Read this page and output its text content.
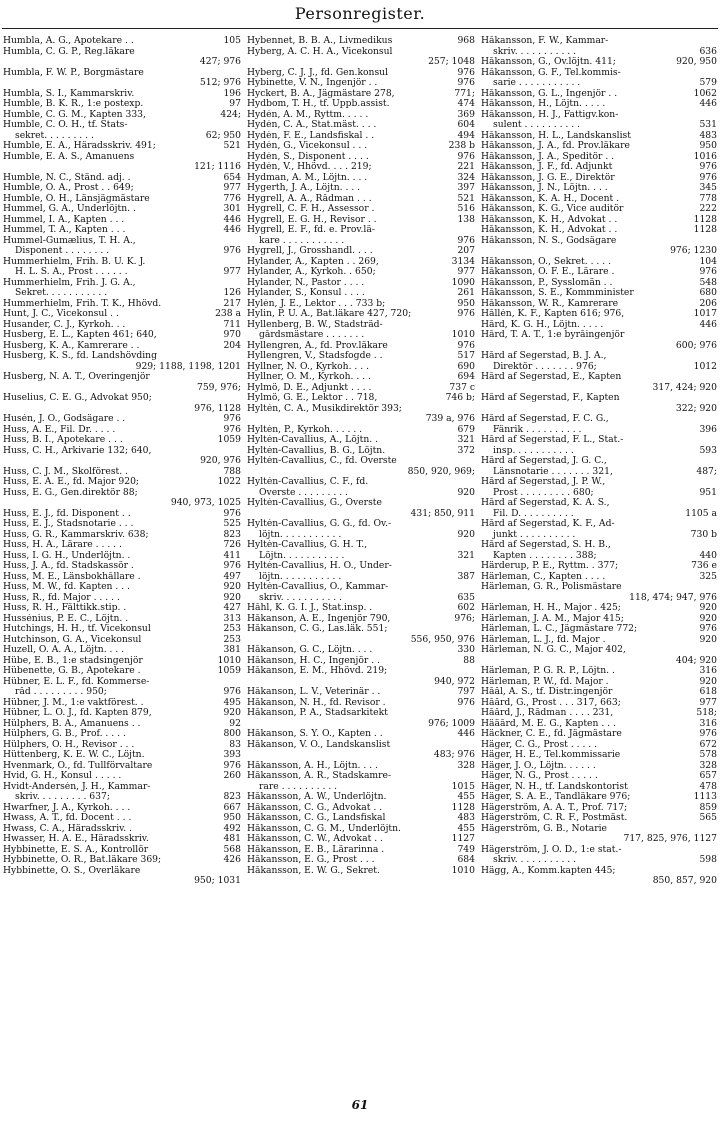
Personregister.
Humbla, A. G., Apotekare . .	105
Humbla, C. G. P., Reg.läkare
427; 976
Humbla, F. W. P., Borgmästare
512; 976
Humbla, S. I., Kammarskriv.	196
Humble, B. K. R., 1:e postexp.	97
Humble, C. G. M., Kapten 333,	424;
Humble, C. O. H., tf. Stats-
sekret. . . . . . . . .	62; 950
Humble, E. A., Häradsskriv. 491;	521
Humble, E. A. S., Amanuens
121; 1116
Humble, N. C., Ständ. adj. .	654
Humble, O. A., Prost . . 649;	977
Humble, O. H., Länsjägmästare	776
Hummel, G. A., Underlöjtn. .	301
Hummel, I. A., Kapten . . .	446
Hummel, T. A., Kapten . . .	446
Hummel-Gumælius, T. H. A.,
Disponent . . . . . . . .	976
Hummerhielm, Frih. B. U. K. J.
H. L. S. A., Prost . . . . . .	977
Hummerhielm, Frih. J. G. A.,
Sekret. . . . . . . . . . .	126
Hummerhielm, Frih. T. K., Hhövd.	217
Hunt, J. C., Vicekonsul . .	238 a
Husander, C. J., Kyrkoh. . .	711
Husberg, E. L., Kapten 461; 640,	970
Husberg, K. A., Kamrerare . .	204
Husberg, K. S., fd. Landshövding
929; 1188, 1198, 1201
Husberg, N. A. T., Överingenjör
759, 976;
Huselius, C. E. G., Advokat 950;
976, 1128
Husén, J. O., Godsägare . .	976
Huss, A. E., Fil. Dr. . . . .	976
Huss, B. I., Apotekare . . .	1059
Huss, C. H., Arkivarie 132; 640,
920, 976
Huss, C. J. M., Skolförest. .	788
Huss, E. A. E., fd. Major 920;	1022
Huss, E. G., Gen.direktör 88;
940, 973, 1025
Huss, E. J., fd. Disponent . .	976
Huss, E. J., Stadsnotarie . . .	525
Huss, G. R., Kammarskriv. 638;	823
Huss, H. A., Lärare . . . . .	726
Huss, I. G. H., Underlöjtn. .	411
Huss, J. A., fd. Stadskassör .	976
Huss, M. E., Länsbokhållare .	497
Huss, M. W., fd. Kapten . . .	920
Huss, R., fd. Major . . . . .	920
Huss, R. H., Fälttikk.stip. .	427
Hussénius, P. E. C., Löjtn. .	313
Hutchings, H. H., tf. Vicekonsul	253
Hutchinson, G. A., Vicekonsul	253
Huzell, O. A. A., Löjtn. . . .	381
Hübe, E. B., 1:e stadsingenjör	1010
Hübenette, G. B., Apotekare .	1059
Hübner, E. L. F., fd. Kommerse-
råd . . . . . . . . . 950;	976
Hübner, J. M., 1:e vaktförest. .	495
Hübner, L. O. J., fd. Kapten 879,	920
Hülphers, B. A., Amanuens . .	92
Hülphers, G. B., Prof. . . . .	800
Hülphers, O. H., Revisor . . .	83
Hüttenberg, K. E. W. C., Löjtn.	393
Hvenmark, O., fd. Tullförvaltare	976
Hvid, G. H., Konsul . . . . .	260
Hvidt-Andersén, J. H., Kammar-
skriv. . . . . . . . . 637;	823
Hwarfner, J. A., Kyrkoh. . . .	667
Hwass, A. T., fd. Docent . . .	950
Hwass, C. A., Häradsskriv. .	492
Hwasser, H. A. E., Häradsskriv.	481
Hybbinette, E. S. A., Kontrollör	568
Hybbinette, O. R., Bat.läkare 369;	426
Hybbinette, O. S., Överläkare
950; 1031
Hybennet, B. B. A., Livmedikus	968
Hyberg, A. C. H. A., Vicekonsul
257; 1048
Hyberg, C. J. J., fd. Gen.konsul	976
Hybinette, V. N., Ingenjör . .	976
Hyckert, B. A., Jägmästare 278,	771;
Hydbom, T. H., tf. Uppb.assist.	474
Hydén, A. M., Ryttm. . . . .	369
Hydén, C. A., Stat.mäst. . . .	604
Hydén, F. E., Landsfiskal . .	494
Hydén, G., Vicekonsul . . .	238 b
Hydén, S., Disponent . . . .	976
Hydén, V., Hhövd. . . . 219;	221
Hydman, A. M., Löjtn. . . .	324
Hygerth, J. A., Löjtn. . . .	397
Hygrell, A. A., Rådman . . .	521
Hygrell, C. F. H., Assessor .	516
Hygrell, E. G. H., Revisor . .	138
Hygrell, E. F., fd. e. Prov.lä-
kare . . . . . . . . . . .	976
Hygrell, J., Grosshandl. . . .	207
Hylander, A., Kapten . . 269,	3134
Hylander, A., Kyrkoh. . 650;	977
Hylander, N., Pastor . . . .	1090
Hylander, S., Konsul . . . .	261
Hylén, J. E., Lektor . . . 733 b;	950
Hylin, P. U. A., Bat.läkare 427, 720;	976
Hyllenberg, B. W., Stadsträd-
gårdsmästare . . . . . . .	1010
Hyllengren, A., fd. Prov.läkare	976
Hyllengren, V., Stadsfogde . .	517
Hyllner, N. O., Kyrkoh. . . .	690
Hyllner, O. M., Kyrkoh. . . .	694
Hylmö, D. E., Adjunkt . . . .	737 c
Hylmö, G. E., Lektor . . 718,	746 b;
Hyltén, C. A., Musikdirektör 393;
739 a, 976
Hyltén, P., Kyrkoh. . . . . .	679
Hyltén-Cavallius, A., Löjtn. .	321
Hyltén-Cavallius, B. G., Löjtn.	372
Hyltén-Cavallius, C., fd. Överste
850, 920, 969;
Hyltén-Cavallius, C. F., fd.
Överste . . . . . . . . .	920
Hyltén-Cavallius, G., Överste
431; 850, 911
Hyltén-Cavallius, G. G., fd. Öv.-
löjtn. . . . . . . . . . .	920
Hyltén-Cavallius, G. H. T.,
Löjtn. . . . . . . . . . .	321
Hyltén-Cavallius, H. O., Under-
löjtn. . . . . . . . . . .	387
Hyltén-Cavallius, O., Kammar-
skriv. . . . . . . . . . .	635
Håhl, K. G. I. J., Stat.insp. .	602
Håkanson, A. E., Ingenjör 790,	976;
Håkanson, C. G., Las.läk. 551;
556, 950, 976
Håkanson, G. C., Löjtn. . . .	330
Håkanson, H. C., Ingenjör . .	88
Håkanson, E. M., Hhövd. 219;
940, 972
Håkanson, L. V., Veterinär . .	797
Håkanson, N. H., fd. Revisor .	976
Håkanson, P. A., Stadsarkitekt
976; 1009
Håkanson, S. Y. O., Kapten . .	446
Håkanson, V. O., Landskanslist
483; 976
Håkansson, A. H., Löjtn. . . .	328
Håkansson, A. R., Stadskamre-
rare . . . . . . . . . .	1015
Håkansson, A. W., Underlöjtn.	455
Håkansson, C. G., Advokat . .	1128
Håkansson, C. G., Landsfiskal	483
Håkansson, C. G. M., Underlöjtn.	455
Håkansson, C. W., Advokat . .	1127
Håkansson, E. B., Lärarinna .	749
Håkansson, E. G., Prost . . .	684
Håkansson, E. W. G., Sekret.	1010
Håkansson, F. W., Kammar-
skriv. . . . . . . . . . .	636
Håkansson, G., Öv.löjtn. 411;	920, 950
Håkansson, G. F., Tel.kommis-
sarie . . . . . . . . . . .	579
Håkansson, G. L., Ingenjör . .	1062
Håkansson, H., Löjtn. . . . .	446
Håkansson, H. J., Fattigv.kon-
sulent . . . . . . . . . .	531
Håkansson, H. L., Landskanslist	483
Håkansson, J. A., fd. Prov.läkare	950
Håkansson, J. A., Speditör . .	1016
Håkansson, J. F., fd. Adjunkt	976
Håkansson, J. G. E., Direktör	976
Håkansson, J. N., Löjtn. . . .	345
Håkansson, K. A. H., Docent .	778
Håkansson, K. G., Vice auditör	222
Håkansson, K. H., Advokat . .	1128
Håkansson, K. H., Advokat . .	1128
Håkansson, N. S., Godsägare
976; 1230
Håkansson, O., Sekret. . . . .	104
Håkansson, O. F. E., Lärare .	976
Håkansson, P., Sysslomän . .	548
Håkansson, S. E., Kommminister	680
Håkansson, W. R., Kamrerare	206
Hållén, K. F., Kapten 616; 976,	1017
Hård, K. G. H., Löjtn. . . . .	446
Hård, T. A. T., 1:e byråingenjör
600; 976
Hård af Segerstad, B. J. A.,
Direktör . . . . . . . 976;	1012
Hård af Segerstad, E., Kapten
317, 424; 920
Hård af Segerstad, F., Kapten
322; 920
Hård af Segerstad, F. C. G.,
Fänrik . . . . . . . . . .	396
Hård af Segerstad, F. L., Stat.-
insp. . . . . . . . . . .	593
Hård af Segerstad, J. G. C.,
Länsnotarie . . . . . . . 321,	487;
Hård af Segerstad, J. P. W.,
Prost . . . . . . . . . 680;	951
Hård af Segerstad, K. A. S.,
Fil. D. . . . . . . . . .	1105 a
Hård af Segerstad, K. F., Ad-
junkt . . . . . . . . . .	730 b
Hård af Segerstad, S. H. B.,
Kapten . . . . . . . . 388;	440
Härderup, P. E., Ryttm. . 377;	736 e
Härleman, C., Kapten . . . .	325
Härleman, G. R., Polismästare
118, 474; 947, 976
Härleman, H. H., Major . 425;	920
Härleman, J. A. M., Major 415;	920
Härleman, L. C., Jägmästare 772;	976
Härleman, L. J., fd. Major .	920
Härleman, N. G. C., Major 402,
404; 920
Härleman, P. G. R. P., Löjtn. .	316
Härleman, P. W., fd. Major .	920
Håål, A. S., tf. Distr.ingenjör	618
Håård, G., Prost . . . 317, 663;	977
Håård, J., Rådman . . . . 231,	518;
Hääård, M. E. G., Kapten . . .	316
Häckner, C. E., fd. Jägmästare	976
Häger, C. G., Prost . . . . .	672
Häger, H. E., Tel.kommissarie	578
Häger, J. O., Löjtn. . . . . .	328
Häger, N. G., Prost . . . . .	657
Häger, N. H., tf. Landskontorist	478
Häger, S. A. E., Tandläkare 976;	1113
Hägerström, A. A. T., Prof. 717;	859
Hägerström, C. R. F., Postmäst.	565
Hägerström, G. B., Notarie
717, 825, 976, 1127
Hägerström, J. O. D., 1:e stat.-
skriv. . . . . . . . . . .	598
Hägg, A., Komm.kapten 445;
850, 857, 920
61
